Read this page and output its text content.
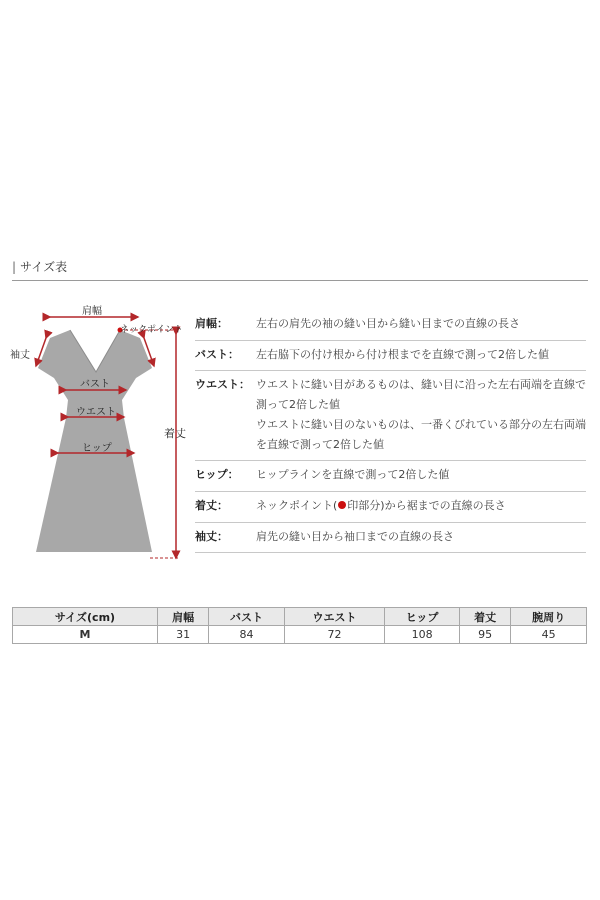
| サイズ表
肩幅
ネックポイント
袖丈
バスト
ウエスト
ヒップ
着丈
肩幅：	左右の肩先の袖の縫い目から縫い目までの直線の長さ
バスト：	左右脇下の付け根から付け根までを直線で測って2倍した値
ウエスト： ウエストに縫い目があるものは、縫い目に沿った左右両端を直線で
測って2倍した値
ウエストに縫い目のないものは、一番くびれている部分の左右両端
を直線で測って2倍した値
ヒップ：	ヒップラインを直線で測って2倍した値
着丈：	ネックポイント( 印部分)から裾までの直線の長さ
袖丈：	肩先の縫い目から袖口までの直線の長さ
サイズ(cm)	肩幅	バスト	ウエスト	ヒップ	着丈	腕周り
M	31	84	72	108	95	45
